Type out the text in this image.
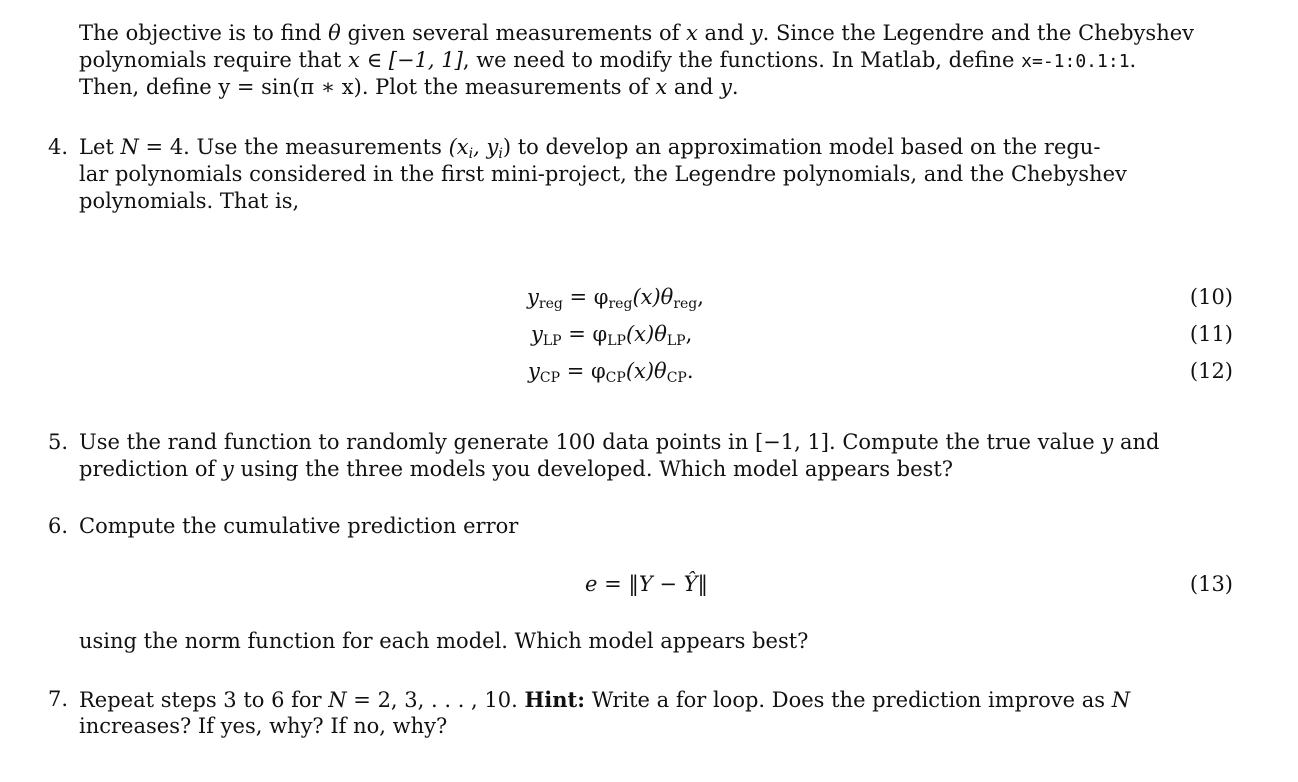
The objective is to find θ given several measurements of x and y. Since the Legendre and the Chebyshev
polynomials require that x ∈ [−1, 1], we need to modify the functions. In Matlab, define x=-1:0.1:1.
Then, define y = sin(π ∗ x). Plot the measurements of x and y.
4. Let N = 4. Use the measurements ($x_i$, $y_i$) to develop an approximation model based on the regu-
lar polynomials considered in the first mini-project, the Legendre polynomials, and the Chebyshev
polynomials. That is,
$y_{reg} = \varphi_{reg}(x)\theta_{reg}$,	(10)
$y_{LP} = \varphi_{LP}(x)\theta_{LP}$,	(11)
$y_{CP} = \varphi_{CP}(x)\theta_{CP}$.	(12)
5. Use the rand function to randomly generate 100 data points in [−1, 1]. Compute the true value y and
prediction of y using the three models you developed. Which model appears best?
6. Compute the cumulative prediction error
e = ‖Y − Ŷ‖	(13)
using the norm function for each model. Which model appears best?
7. Repeat steps 3 to 6 for N = 2, 3, . . . , 10. Hint: Write a for loop. Does the prediction improve as N
increases? If yes, why? If no, why?
